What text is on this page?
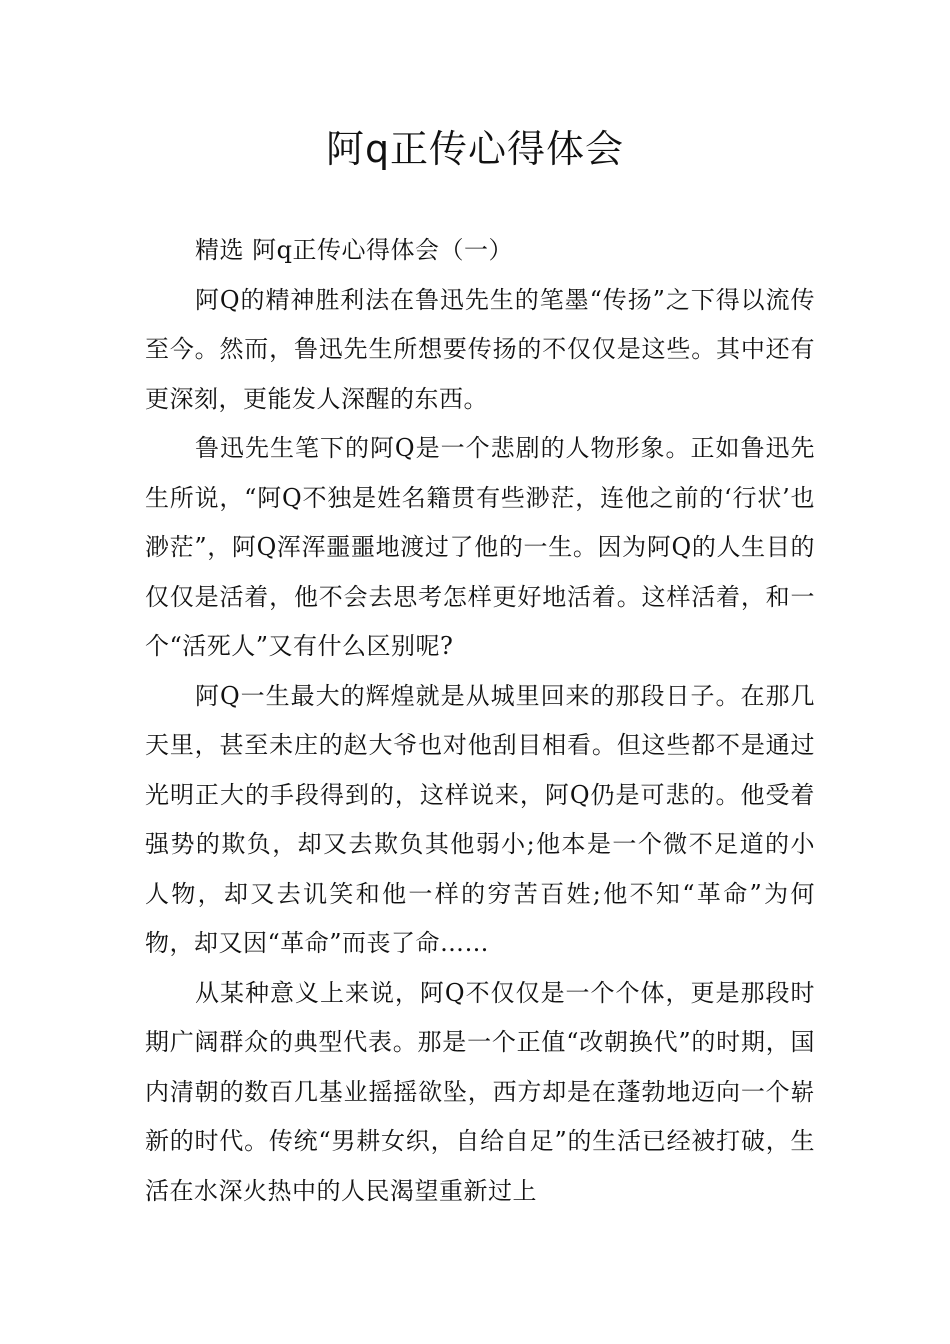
阿q正传心得体会

精选 阿q正传心得体会（一）

阿Q的精神胜利法在鲁迅先生的笔墨“传扬”之下得以流传至今。然而，鲁迅先生所想要传扬的不仅仅是这些。其中还有更深刻，更能发人深醒的东西。

鲁迅先生笔下的阿Q是一个悲剧的人物形象。正如鲁迅先生所说，“阿Q不独是姓名籍贯有些渺茫，连他之前的‘行状’也渺茫”，阿Q浑浑噩噩地渡过了他的一生。因为阿Q的人生目的仅仅是活着，他不会去思考怎样更好地活着。这样活着，和一个“活死人”又有什么区别呢?

阿Q一生最大的辉煌就是从城里回来的那段日子。在那几天里，甚至未庄的赵大爷也对他刮目相看。但这些都不是通过光明正大的手段得到的，这样说来，阿Q仍是可悲的。他受着强势的欺负，却又去欺负其他弱小;他本是一个微不足道的小人物，却又去讥笑和他一样的穷苦百姓;他不知“革命”为何物，却又因“革命”而丧了命……

从某种意义上来说，阿Q不仅仅是一个个体，更是那段时期广阔群众的典型代表。那是一个正值“改朝换代”的时期，国内清朝的数百几基业摇摇欲坠，西方却是在蓬勃地迈向一个崭新的时代。传统“男耕女织，自给自足”的生活已经被打破，生活在水深火热中的人民渴望重新过上
